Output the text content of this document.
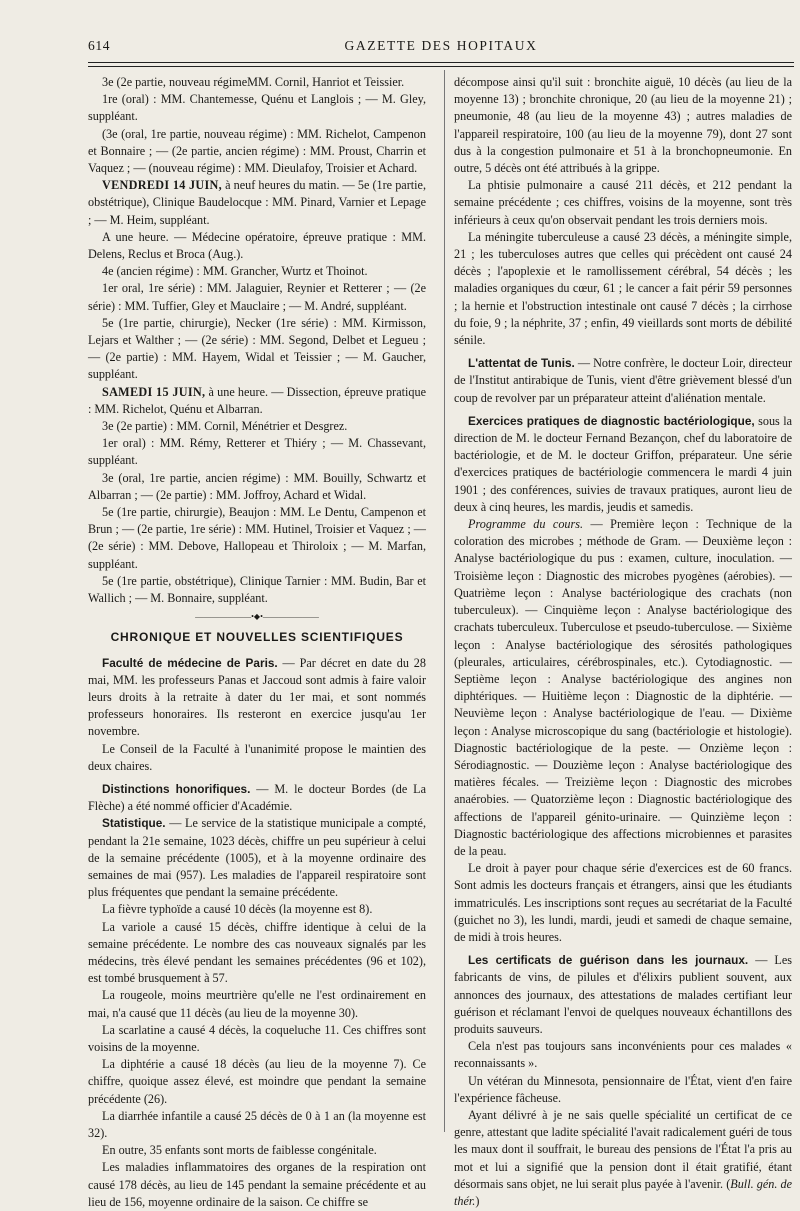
614	GAZETTE DES HOPITAUX

3e (2e partie, nouveau régimeMM. Cornil, Hanriot et Teissier.

1re (oral) : MM. Chantemesse, Quénu et Langlois ; — M. Gley, suppléant.

(3e (oral, 1re partie, nouveau régime) : MM. Richelot, Campenon et Bonnaire ; — (2e partie, ancien régime) : MM. Proust, Charrin et Vaquez ; — (nouveau régime) : MM. Dieulafoy, Troisier et Achard.

VENDREDI 14 JUIN, à neuf heures du matin. — 5e (1re partie, obstétrique), Clinique Baudelocque : MM. Pinard, Varnier et Lepage ; — M. Heim, suppléant.

A une heure. — Médecine opératoire, épreuve pratique : MM. Delens, Reclus et Broca (Aug.).

4e (ancien régime) : MM. Grancher, Wurtz et Thoinot.

1er oral, 1re série) : MM. Jalaguier, Reynier et Retterer ; — (2e série) : MM. Tuffier, Gley et Mauclaire ; — M. André, suppléant.

5e (1re partie, chirurgie), Necker (1re série) : MM. Kirmisson, Lejars et Walther ; — (2e série) : MM. Segond, Delbet et Legueu ; — (2e partie) : MM. Hayem, Widal et Teissier ; — M. Gaucher, suppléant.

SAMEDI 15 JUIN, à une heure. — Dissection, épreuve pratique : MM. Richelot, Quénu et Albarran.

3e (2e partie) : MM. Cornil, Ménétrier et Desgrez.

1er oral) : MM. Rémy, Retterer et Thiéry ; — M. Chassevant, suppléant.

3e (oral, 1re partie, ancien régime) : MM. Bouilly, Schwartz et Albarran ; — (2e partie) : MM. Joffroy, Achard et Widal.

5e (1re partie, chirurgie), Beaujon : MM. Le Dentu, Campenon et Brun ; — (2e partie, 1re série) : MM. Hutinel, Troisier et Vaquez ; — (2e série) : MM. Debove, Hallopeau et Thiroloix ; — M. Marfan, suppléant.

5e (1re partie, obstétrique), Clinique Tarnier : MM. Budin, Bar et Wallich ; — M. Bonnaire, suppléant.

———————•◆•———————
CHRONIQUE ET NOUVELLES SCIENTIFIQUES

Faculté de médecine de Paris. — Par décret en date du 28 mai, MM. les professeurs Panas et Jaccoud sont admis à faire valoir leurs droits à la retraite à dater du 1er mai, et sont nommés professeurs honoraires. Ils resteront en exercice jusqu'au 1er novembre.

Le Conseil de la Faculté à l'unanimité propose le maintien des deux chaires.

Distinctions honorifiques. — M. le docteur Bordes (de La Flèche) a été nommé officier d'Académie.

Statistique. — Le service de la statistique municipale a compté, pendant la 21e semaine, 1023 décès, chiffre un peu supérieur à celui de la semaine précédente (1005), et à la moyenne ordinaire des semaines de mai (957). Les maladies de l'appareil respiratoire sont plus fréquentes que pendant la semaine précédente.

La fièvre typhoïde a causé 10 décès (la moyenne est 8).

La variole a causé 15 décès, chiffre identique à celui de la semaine précédente. Le nombre des cas nouveaux signalés par les médecins, très élevé pendant les semaines précédentes (96 et 102), est tombé brusquement à 57.

La rougeole, moins meurtrière qu'elle ne l'est ordinairement en mai, n'a causé que 11 décès (au lieu de la moyenne 30).

La scarlatine a causé 4 décès, la coqueluche 11. Ces chiffres sont voisins de la moyenne.

La diphtérie a causé 18 décès (au lieu de la moyenne 7). Ce chiffre, quoique assez élevé, est moindre que pendant la semaine précédente (26).

La diarrhée infantile a causé 25 décès de 0 à 1 an (la moyenne est 32).

En outre, 35 enfants sont morts de faiblesse congénitale.

Les maladies inflammatoires des organes de la respiration ont causé 178 décès, au lieu de 145 pendant la semaine précédente et au lieu de 156, moyenne ordinaire de la saison. Ce chiffre se

décompose ainsi qu'il suit : bronchite aiguë, 10 décès (au lieu de la moyenne 13) ; bronchite chronique, 20 (au lieu de la moyenne 21) ; pneumonie, 48 (au lieu de la moyenne 43) ; autres maladies de l'appareil respiratoire, 100 (au lieu de la moyenne 79), dont 27 sont dus à la congestion pulmonaire et 51 à la bronchopneumonie. En outre, 5 décès ont été attribués à la grippe.

La phtisie pulmonaire a causé 211 décès, et 212 pendant la semaine précédente ; ces chiffres, voisins de la moyenne, sont très inférieurs à ceux qu'on observait pendant les trois derniers mois.

La méningite tuberculeuse a causé 23 décès, a méningite simple, 21 ; les tuberculoses autres que celles qui précèdent ont causé 24 décès ; l'apoplexie et le ramollissement cérébral, 54 décès ; les maladies organiques du cœur, 61 ; le cancer a fait périr 59 personnes ; la hernie et l'obstruction intestinale ont causé 7 décès ; la cirrhose du foie, 9 ; la néphrite, 37 ; enfin, 49 vieillards sont morts de débilité sénile.

L'attentat de Tunis. — Notre confrère, le docteur Loir, directeur de l'Institut antirabique de Tunis, vient d'être grièvement blessé d'un coup de revolver par un préparateur atteint d'aliénation mentale.

Exercices pratiques de diagnostic bactériologique, sous la direction de M. le docteur Fernand Bezançon, chef du laboratoire de bactériologie, et de M. le docteur Griffon, préparateur. Une série d'exercices pratiques de bactériologie commencera le mardi 4 juin 1901 ; des conférences, suivies de travaux pratiques, auront lieu de deux à cinq heures, les mardis, jeudis et samedis.

Programme du cours. — Première leçon : Technique de la coloration des microbes ; méthode de Gram. — Deuxième leçon : Analyse bactériologique du pus : examen, culture, inoculation. — Troisième leçon : Diagnostic des microbes pyogènes (aérobies). — Quatrième leçon : Analyse bactériologique des crachats (non tuberculeux). — Cinquième leçon : Analyse bactériologique des crachats tuberculeux. Tuberculose et pseudo-tuberculose. — Sixième leçon : Analyse bactériologique des sérosités pathologiques (pleurales, articulaires, cérébrospinales, etc.). Cytodiagnostic. — Septième leçon : Analyse bactériologique des angines non diphtériques. — Huitième leçon : Diagnostic de la diphtérie. — Neuvième leçon : Analyse bactériologique de l'eau. — Dixième leçon : Analyse microscopique du sang (bactériologie et histologie). Diagnostic bactériologique de la peste. — Onzième leçon : Sérodiagnostic. — Douzième leçon : Analyse bactériologique des matières fécales. — Treizième leçon : Diagnostic des microbes anaérobies. — Quatorzième leçon : Diagnostic bactériologique des affections de l'appareil génito-urinaire. — Quinzième leçon : Diagnostic bactériologique des affections microbiennes et parasites de la peau.

Le droit à payer pour chaque série d'exercices est de 60 francs. Sont admis les docteurs français et étrangers, ainsi que les étudiants immatriculés. Les inscriptions sont reçues au secrétariat de la Faculté (guichet no 3), les lundi, mardi, jeudi et samedi de chaque semaine, de midi à trois heures.

Les certificats de guérison dans les journaux. — Les fabricants de vins, de pilules et d'élixirs publient souvent, aux annonces des journaux, des attestations de malades certifiant leur guérison et réclamant l'envoi de quelques nouveaux échantillons des produits sauveurs.

Cela n'est pas toujours sans inconvénients pour ces malades « reconnaissants ».

Un vétéran du Minnesota, pensionnaire de l'État, vient d'en faire l'expérience fâcheuse.

Ayant délivré à je ne sais quelle spécialité un certificat de ce genre, attestant que ladite spécialité l'avait radicalement guéri de tous les maux dont il souffrait, le bureau des pensions de l'État l'a pris au mot et lui a signifié que la pension dont il était gratifié, étant désormais sans objet, ne lui serait plus payée à l'avenir. (Bull. gén. de thér.)
